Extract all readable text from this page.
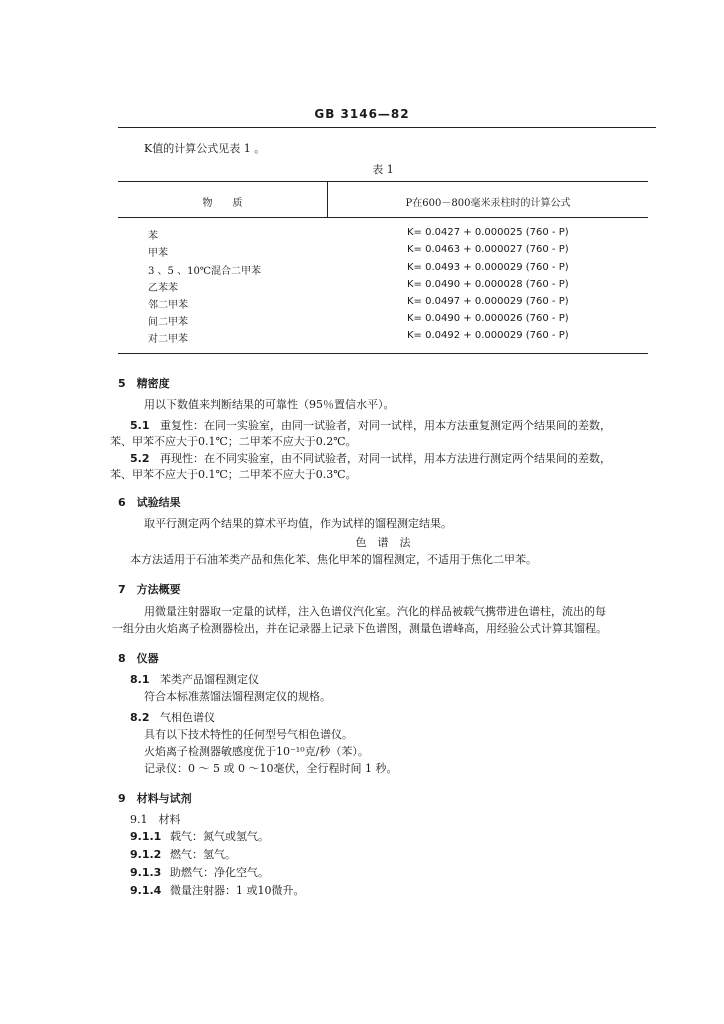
GB 3146—82
K值的计算公式见表 1 。
表 1
物　　质	P在600－800毫米汞柱时的计算公式
苯	K= 0.0427 + 0.000025 (760 - P)
甲苯	K= 0.0463 + 0.000027 (760 - P)
3 、5 、10℃混合二甲苯	K= 0.0493 + 0.000029 (760 - P)
乙苯苯	K= 0.0490 + 0.000028 (760 - P)
邻二甲苯	K= 0.0497 + 0.000029 (760 - P)
间二甲苯	K= 0.0490 + 0.000026 (760 - P)
对二甲苯	K= 0.0492 + 0.000029 (760 - P)
5　精密度
用以下数值来判断结果的可靠性（95％置信水平）。
5.1 重复性：在同一实验室，由同一试验者，对同一试样，用本方法重复测定两个结果间的差数，
苯、甲苯不应大于0.1℃；二甲苯不应大于0.2℃。
5.2 再现性：在不同实验室，由不同试验者，对同一试样，用本方法进行测定两个结果间的差数，
苯、甲苯不应大于0.1℃；二甲苯不应大于0.3℃。
6　试验结果
取平行测定两个结果的算术平均值，作为试样的馏程测定结果。
色　谱　法
本方法适用于石油苯类产品和焦化苯、焦化甲苯的馏程测定，不适用于焦化二甲苯。
7　方法概要
用微量注射器取一定量的试样，注入色谱仪汽化室。汽化的样品被载气携带进色谱柱，流出的每
一组分由火焰离子检测器检出，并在记录器上记录下色谱图，测量色谱峰高，用经验公式计算其馏程。
8　仪器
8.1 苯类产品馏程测定仪
符合本标准蒸馏法馏程测定仪的规格。
8.2 气相色谱仪
具有以下技术特性的任何型号气相色谱仪。
火焰离子检测器敏感度优于10⁻¹⁰克/秒（苯）。
记录仪：0 ～ 5 或 0 ～10毫伏，全行程时间 1 秒。
9　材料与试剂
9.1　材料
9.1.1 载气：氮气或氢气。
9.1.2 燃气：氢气。
9.1.3 助燃气：净化空气。
9.1.4 微量注射器：1 或10微升。
